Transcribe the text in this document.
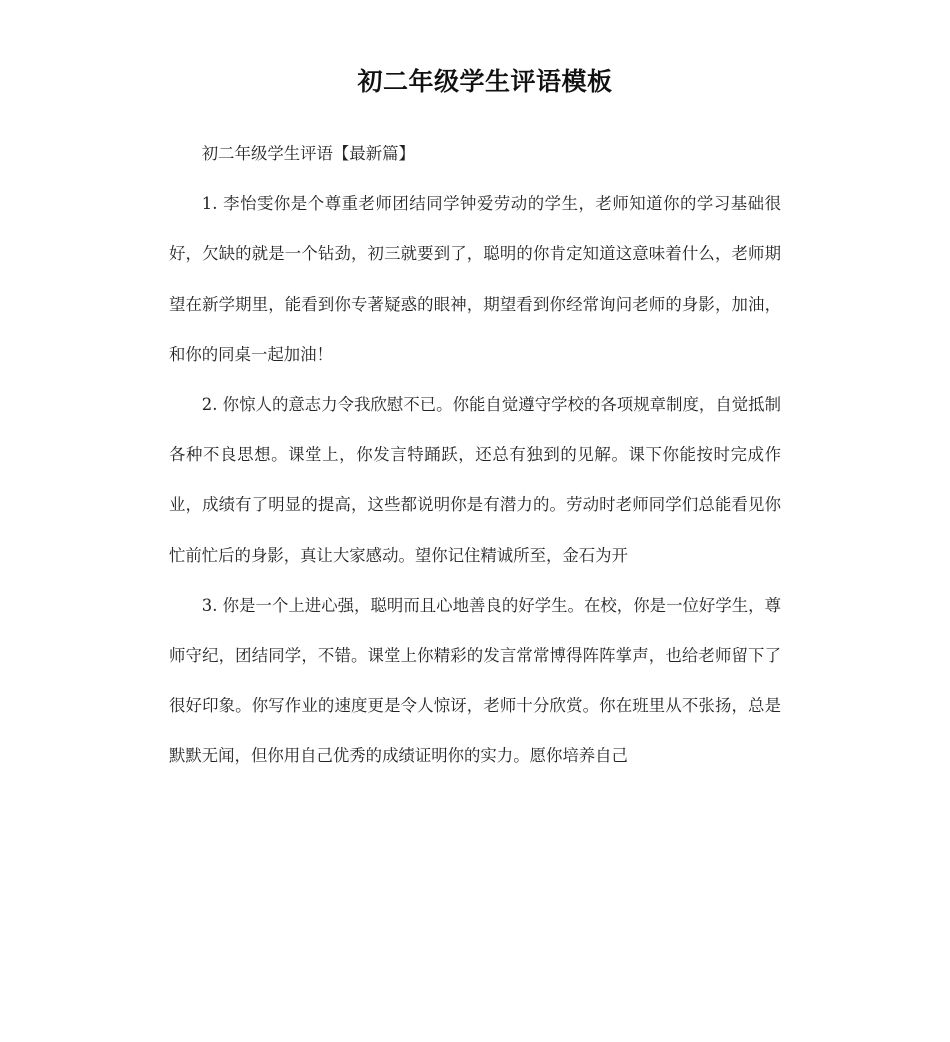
初二年级学生评语模板

初二年级学生评语【最新篇】

1. 李怡雯你是个尊重老师团结同学钟爱劳动的学生，老师知道你的学习基础很好，欠缺的就是一个钻劲，初三就要到了，聪明的你肯定知道这意味着什么，老师期望在新学期里，能看到你专著疑惑的眼神，期望看到你经常询问老师的身影，加油，和你的同桌一起加油！

2. 你惊人的意志力令我欣慰不已。你能自觉遵守学校的各项规章制度，自觉抵制各种不良思想。课堂上，你发言特踊跃，还总有独到的见解。课下你能按时完成作业，成绩有了明显的提高，这些都说明你是有潜力的。劳动时老师同学们总能看见你忙前忙后的身影，真让大家感动。望你记住精诚所至，金石为开

3. 你是一个上进心强，聪明而且心地善良的好学生。在校，你是一位好学生，尊师守纪，团结同学，不错。课堂上你精彩的发言常常博得阵阵掌声，也给老师留下了很好印象。你写作业的速度更是令人惊讶，老师十分欣赏。你在班里从不张扬，总是默默无闻，但你用自己优秀的成绩证明你的实力。愿你培养自己
